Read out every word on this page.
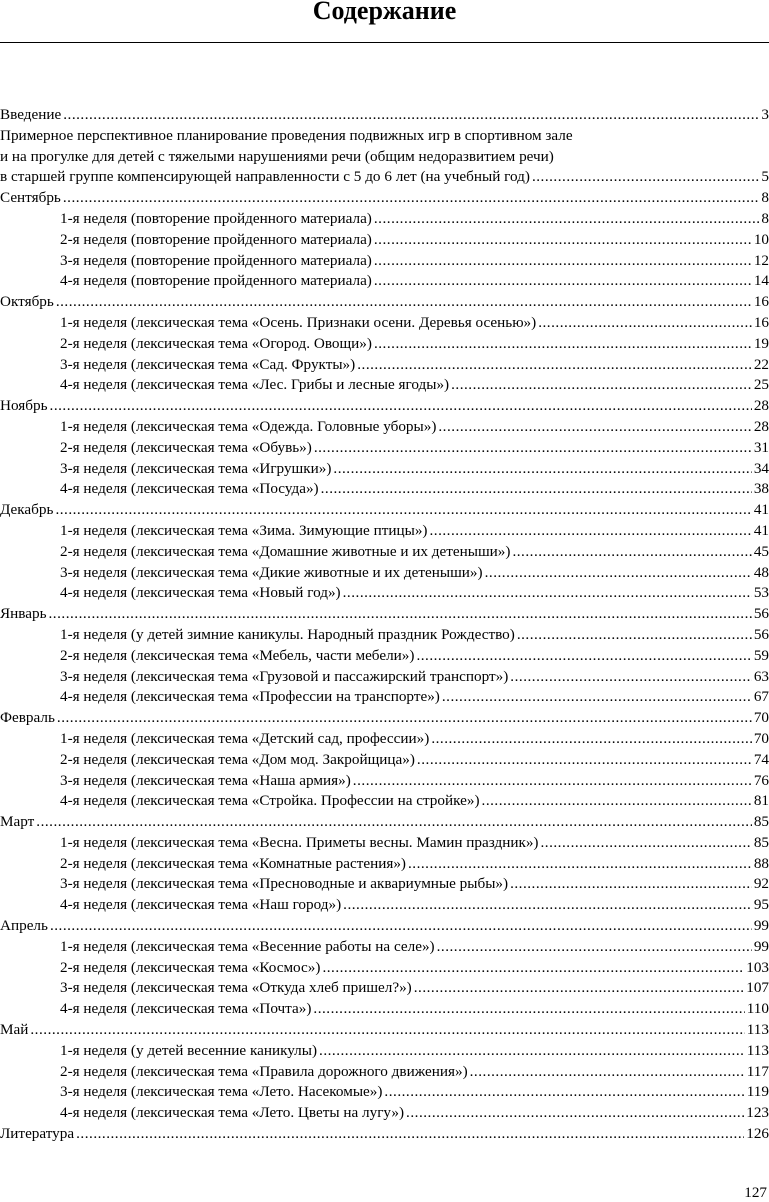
Содержание
Введение .....	3
Примерное перспективное планирование проведения подвижных игр в спортивном зале
и на прогулке для детей с тяжелыми нарушениями речи (общим недоразвитием речи)
в старшей группе компенсирующей направленности с 5 до 6 лет (на учебный год) .....	5
Сентябрь .....	8
1-я неделя (повторение пройденного материала) .....	8
2-я неделя (повторение пройденного материала) .....	10
3-я неделя (повторение пройденного материала) .....	12
4-я неделя (повторение пройденного материала) .....	14
Октябрь .....	16
1-я неделя (лексическая тема «Осень. Признаки осени. Деревья осенью») .....	16
2-я неделя (лексическая тема «Огород. Овощи») .....	19
3-я неделя (лексическая тема «Сад. Фрукты») .....	22
4-я неделя (лексическая тема «Лес. Грибы и лесные ягоды») .....	25
Ноябрь .....	28
1-я неделя (лексическая тема «Одежда. Головные уборы») .....	28
2-я неделя (лексическая тема «Обувь») .....	31
3-я неделя (лексическая тема «Игрушки») .....	34
4-я неделя (лексическая тема «Посуда») .....	38
Декабрь .....	41
1-я неделя (лексическая тема «Зима. Зимующие птицы») .....	41
2-я неделя (лексическая тема «Домашние животные и их детеныши») .....	45
3-я неделя (лексическая тема «Дикие животные и их детеныши») .....	48
4-я неделя (лексическая тема «Новый год») .....	53
Январь .....	56
1-я неделя (у детей зимние каникулы. Народный праздник Рождество) .....	56
2-я неделя (лексическая тема «Мебель, части мебели») .....	59
3-я неделя (лексическая тема «Грузовой и пассажирский транспорт») .....	63
4-я неделя (лексическая тема «Профессии на транспорте») .....	67
Февраль .....	70
1-я неделя (лексическая тема «Детский сад, профессии») .....	70
2-я неделя (лексическая тема «Дом мод. Закройщица») .....	74
3-я неделя (лексическая тема «Наша армия») .....	76
4-я неделя (лексическая тема «Стройка. Профессии на стройке») .....	81
Март .....	85
1-я неделя (лексическая тема «Весна. Приметы весны. Мамин праздник») .....	85
2-я неделя (лексическая тема «Комнатные растения») .....	88
3-я неделя (лексическая тема «Пресноводные и аквариумные рыбы») .....	92
4-я неделя (лексическая тема «Наш город») .....	95
Апрель .....	99
1-я неделя (лексическая тема «Весенние работы на селе») .....	99
2-я неделя (лексическая тема «Космос») .....	103
3-я неделя (лексическая тема «Откуда хлеб пришел?») .....	107
4-я неделя (лексическая тема «Почта») .....	110
Май .....	113
1-я неделя (у детей весенние каникулы) .....	113
2-я неделя (лексическая тема «Правила дорожного движения») .....	117
3-я неделя (лексическая тема «Лето. Насекомые») .....	119
4-я неделя (лексическая тема «Лето. Цветы на лугу») .....	123
Литература .....	126
127
